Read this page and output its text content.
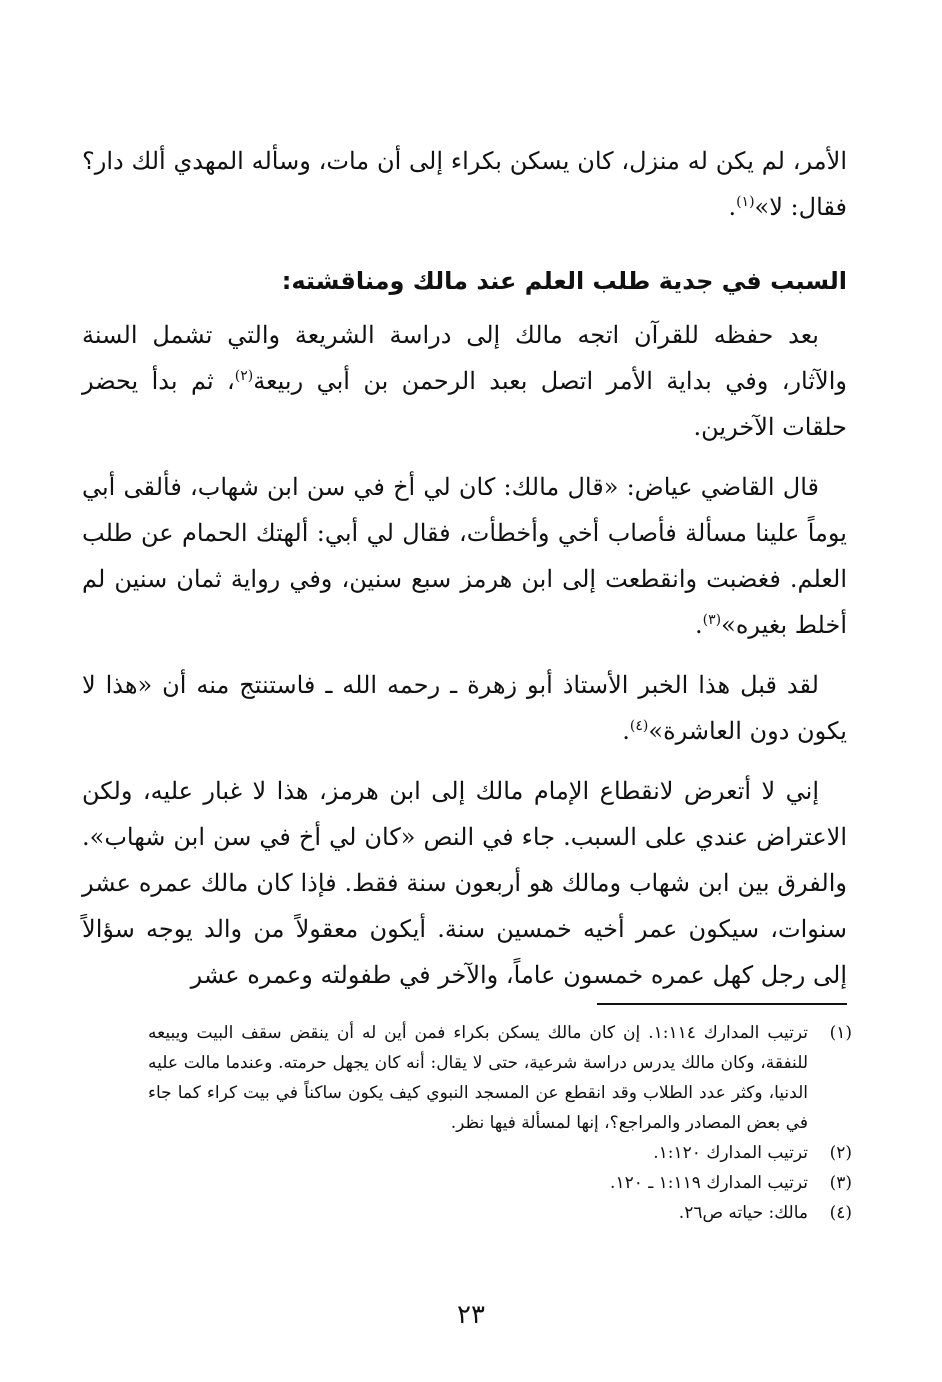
الأمر، لم يكن له منزل، كان يسكن بكراء إلى أن مات، وسأله المهدي ألك دار؟ فقال: لا»$^{(١)}$.

السبب في جدية طلب العلم عند مالك ومناقشته:

بعد حفظه للقرآن اتجه مالك إلى دراسة الشريعة والتي تشمل السنة والآثار، وفي بداية الأمر اتصل بعبد الرحمن بن أبي ربيعة$^{(٢)}$، ثم بدأ يحضر حلقات الآخرين.

قال القاضي عياض: «قال مالك: كان لي أخ في سن ابن شهاب، فألقى أبي يوماً علينا مسألة فأصاب أخي وأخطأت، فقال لي أبي: ألهتك الحمام عن طلب العلم. فغضبت وانقطعت إلى ابن هرمز سبع سنين، وفي رواية ثمان سنين لم أخلط بغيره»$^{(٣)}$.

لقد قبل هذا الخبر الأستاذ أبو زهرة ـ رحمه الله ـ فاستنتج منه أن «هذا لا يكون دون العاشرة»$^{(٤)}$.

إني لا أتعرض لانقطاع الإمام مالك إلى ابن هرمز، هذا لا غبار عليه، ولكن الاعتراض عندي على السبب. جاء في النص «كان لي أخ في سن ابن شهاب». والفرق بين ابن شهاب ومالك هو أربعون سنة فقط. فإذا كان مالك عمره عشر سنوات، سيكون عمر أخيه خمسين سنة. أيكون معقولاً من والد يوجه سؤالاً إلى رجل كهل عمره خمسون عاماً، والآخر في طفولته وعمره عشر

(١)
ترتيب المدارك ١:١١٤. إن كان مالك يسكن بكراء فمن أين له أن ينقض سقف البيت ويبيعه للنفقة، وكان مالك يدرس دراسة شرعية، حتى لا يقال: أنه كان يجهل حرمته. وعندما مالت عليه الدنيا، وكثر عدد الطلاب وقد انقطع عن المسجد النبوي كيف يكون ساكناً في بيت كراء كما جاء في بعض المصادر والمراجع؟، إنها لمسألة فيها نظر.
(٢)
ترتيب المدارك ١:١٢٠.
(٣)
ترتيب المدارك ١:١١٩ ـ ١٢٠.
(٤)
مالك: حياته ص٢٦.
٢٣
